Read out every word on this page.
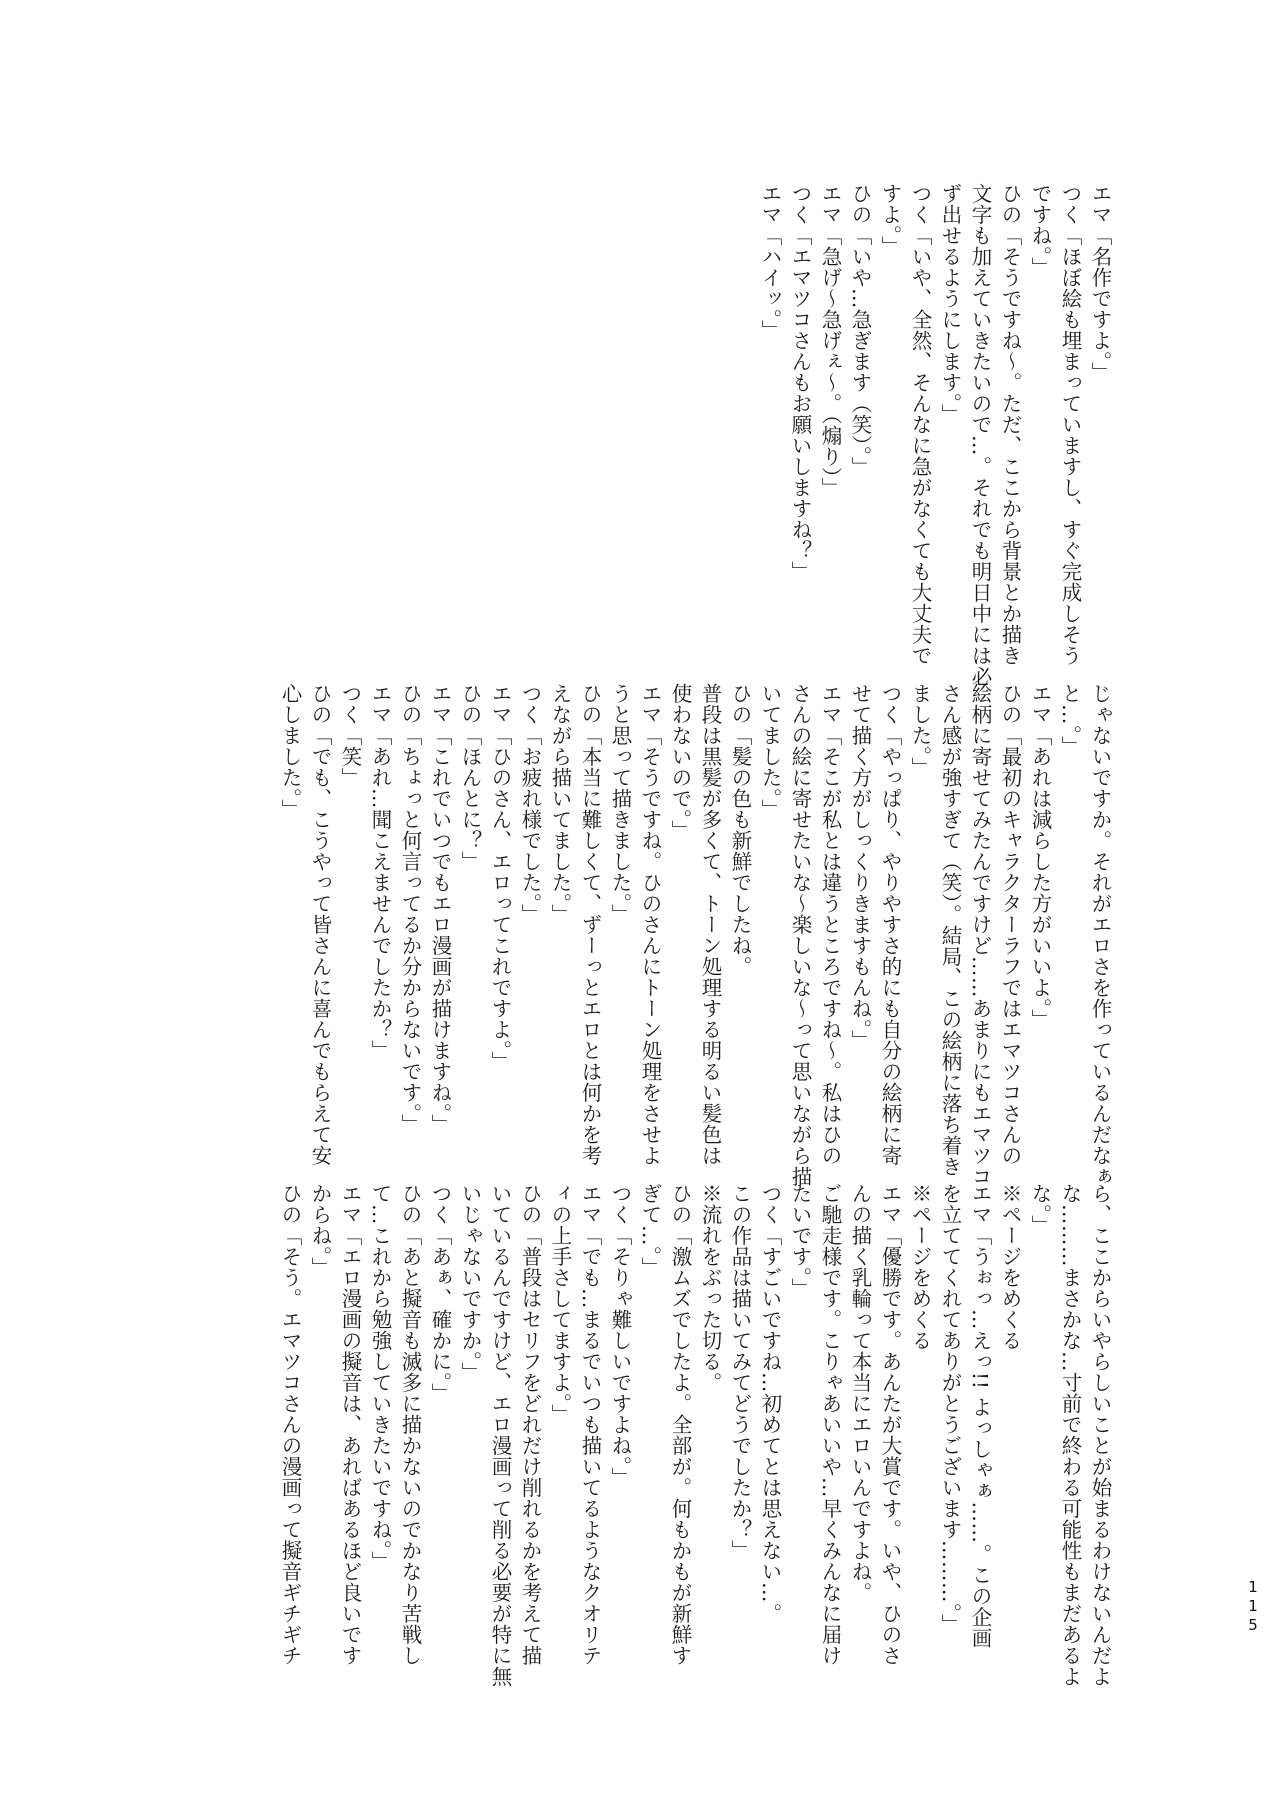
エマ「名作ですよ。」

つく「ほぼ絵も埋まっていますし、すぐ完成しそう

ですね。」

ひの「そうですね～。ただ、ここから背景とか描き

文字も加えていきたいので…。それでも明日中には必

ず出せるようにします。」

つく「いや、全然、そんなに急がなくても大丈夫で

すよ。」

ひの「いや…急ぎます（笑）。」

エマ「急げ～急げぇ～。（煽り）」

つく「エマツコさんもお願いしますね？」

エマ「ハイッ。」

じゃないですか。それがエロさを作っているんだなぁ

と…。」

エマ「あれは減らした方がいいよ。」

ひの「最初のキャラクターラフではエマツコさんの

絵柄に寄せてみたんですけど……あまりにもエマツコ

さん感が強すぎて（笑）。結局、この絵柄に落ち着き

ました。」

つく「やっぱり、やりやすさ的にも自分の絵柄に寄

せて描く方がしっくりきますもんね。」

エマ「そこが私とは違うところですね～。私はひの

さんの絵に寄せたいな～楽しいな～って思いながら描

いてました。」

ひの「髪の色も新鮮でしたね。

普段は黒髪が多くて、トーン処理する明るい髪色は

使わないので。」

エマ「そうですね。ひのさんにトーン処理をさせよ

うと思って描きました。」

ひの「本当に難しくて、ずーっとエロとは何かを考

えながら描いてました。」

つく「お疲れ様でした。」

エマ「ひのさん、エロってこれですよ。」

ひの「ほんとに？」

エマ「これでいつでもエロ漫画が描けますね。」

ひの「ちょっと何言ってるか分からないです。」

エマ「あれ…聞こえませんでしたか？」

つく「笑」

ひの「でも、こうやって皆さんに喜んでもらえて安

心しました。」

ら、ここからいやらしいことが始まるわけないんだよ

な………まさかな…寸前で終わる可能性もまだあるよ

な。」

※ページをめくる

エマ「うぉっ…えっ!! よっしゃぁ……。この企画

を立ててくれてありがとうございます………。」

※ページをめくる

エマ「優勝です。あんたが大賞です。いや、ひのさ

んの描く乳輪って本当にエロいんですよね。

ご馳走様です。こりゃあいいや…早くみんなに届け

たいです。」

つく「すごいですね…初めてとは思えない…。

この作品は描いてみてどうでしたか？」

※流れをぶった切る。

ひの「激ムズでしたよ。全部が。何もかもが新鮮す

ぎて…。」

つく「そりゃ難しいですよね。」

エマ「でも…まるでいつも描いてるようなクオリテ

ィの上手さしてますよ。」

ひの「普段はセリフをどれだけ削れるかを考えて描

いているんですけど、エロ漫画って削る必要が特に無

いじゃないですか。」

つく「あぁ、確かに。」

ひの「あと擬音も滅多に描かないのでかなり苦戦し

て…これから勉強していきたいですね。」

エマ「エロ漫画の擬音は、あればあるほど良いです

からね。」

ひの「そう。エマツコさんの漫画って擬音ギチギチ	115
